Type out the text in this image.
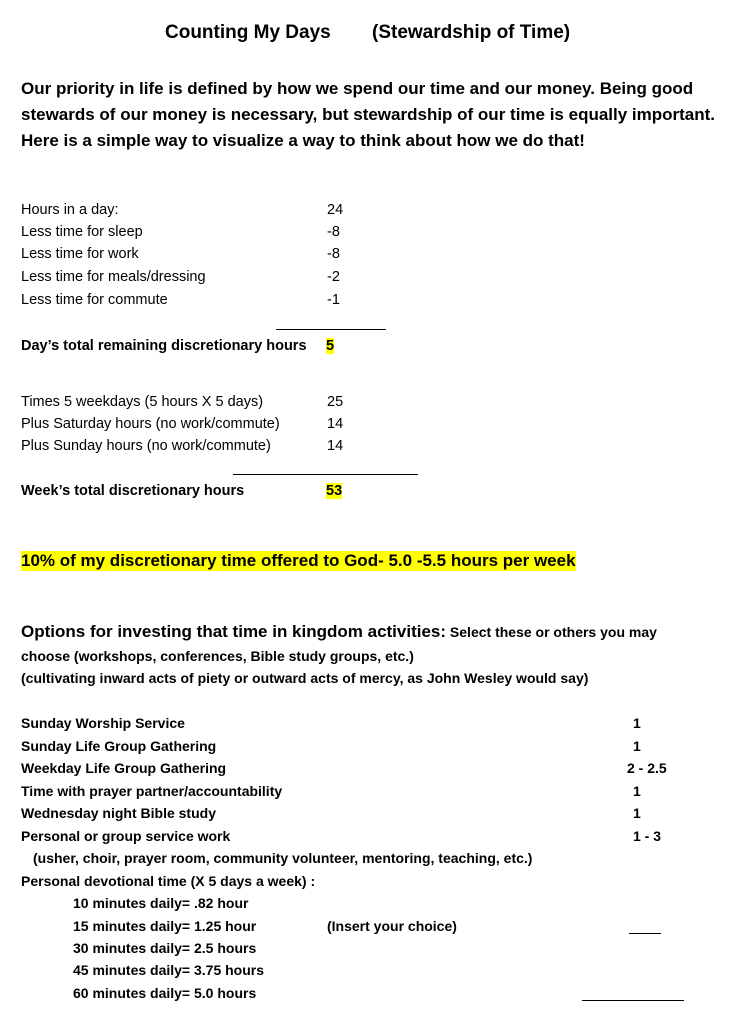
Counting My Days (Stewardship of Time)
Our priority in life is defined by how we spend our time and our money. Being good stewards of our money is necessary, but stewardship of our time is equally important. Here is a simple way to visualize a way to think about how we do that!
Hours in a day:	24
Less time for sleep	-8
Less time for work	-8
Less time for meals/dressing	-2
Less time for commute	-1
Day’s total remaining discretionary hours 5
Times 5 weekdays (5 hours X 5 days)	25
Plus Saturday hours (no work/commute)	14
Plus Sunday hours (no work/commute)	14
Week’s total discretionary hours	53
10% of my discretionary time offered to God- 5.0 -5.5 hours per week
Options for investing that time in kingdom activities: Select these or others you may
choose (workshops, conferences, Bible study groups, etc.)
(cultivating inward acts of piety or outward acts of mercy, as John Wesley would say)
Sunday Worship Service	1
Sunday Life Group Gathering	1
Weekday Life Group Gathering	2 - 2.5
Time with prayer partner/accountability	1
Wednesday night Bible study	1
Personal or group service work	1 - 3
(usher, choir, prayer room, community volunteer, mentoring, teaching, etc.)
Personal devotional time (X 5 days a week) :
10 minutes daily= .82 hour
15 minutes daily= 1.25 hour	(Insert your choice)
30 minutes daily= 2.5 hours
45 minutes daily= 3.75 hours
60 minutes daily= 5.0 hours
